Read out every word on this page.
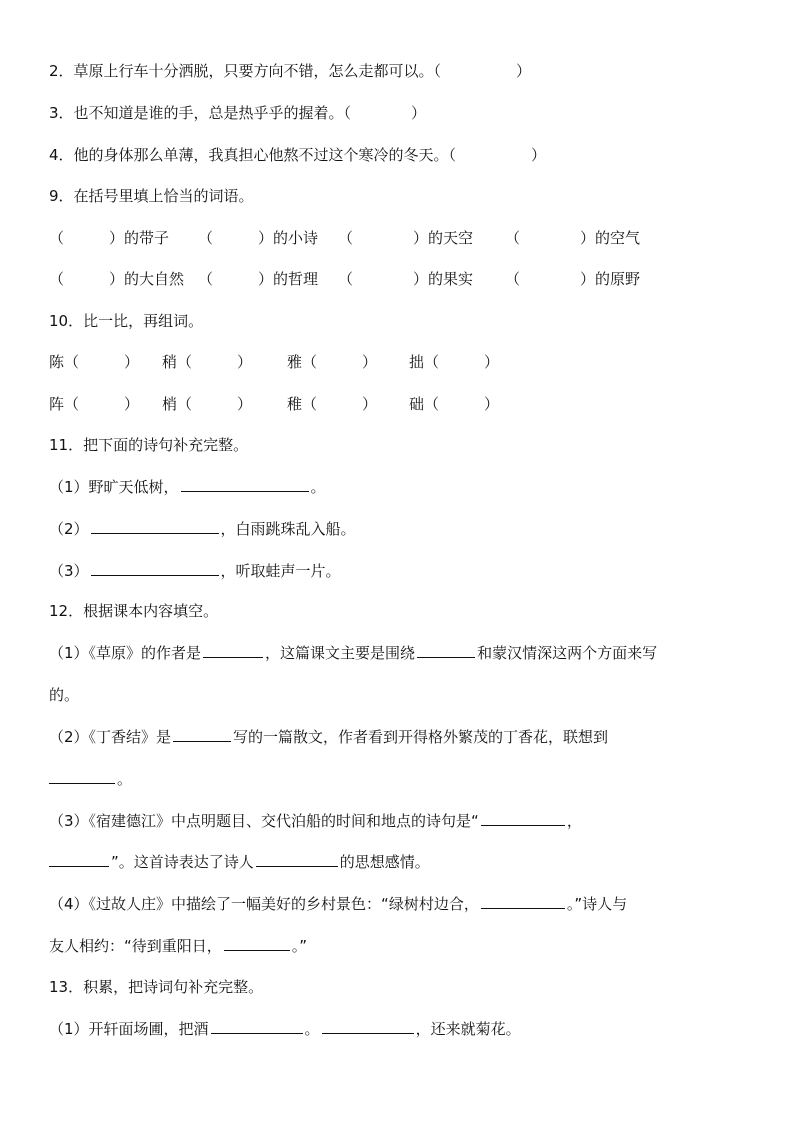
2．草原上行车十分洒脱，只要方向不错，怎么走都可以。（　　　　　）
3．也不知道是谁的手，总是热乎乎的握着。（　　　　）
4．他的身体那么单薄，我真担心他熬不过这个寒冷的冬天。（　　　　　）
9．在括号里填上恰当的词语。
（　　　）的带子 （　　　）的小诗 （　　　　）的天空 （　　　　）的空气
（　　　）的大自然 （　　　）的哲理 （　　　　）的果实 （　　　　）的原野
10．比一比，再组词。
陈（　　　） 稍（　　　） 雅（　　　） 拙（　　　）
阵（　　　） 梢（　　　） 稚（　　　） 础（　　　）
11．把下面的诗句补充完整。
（1）野旷天低树，	。
（2）	，白雨跳珠乱入船。
（3）	，听取蛙声一片。
12．根据课本内容填空。
（1）《草原》的作者是	，这篇课文主要是围绕	和蒙汉情深这两个方面来写
的。
（2）《丁香结》是	写的一篇散文，作者看到开得格外繁茂的丁香花，联想到
。
（3）《宿建德江》中点明题目、交代泊船的时间和地点的诗句是“	，
”。这首诗表达了诗人	的思想感情。
（4）《过故人庄》中描绘了一幅美好的乡村景色：“绿树村边合，	。”诗人与
友人相约：“待到重阳日，	。”
13．积累，把诗词句补充完整。
（1）开轩面场圃，把酒	。	，还来就菊花。
